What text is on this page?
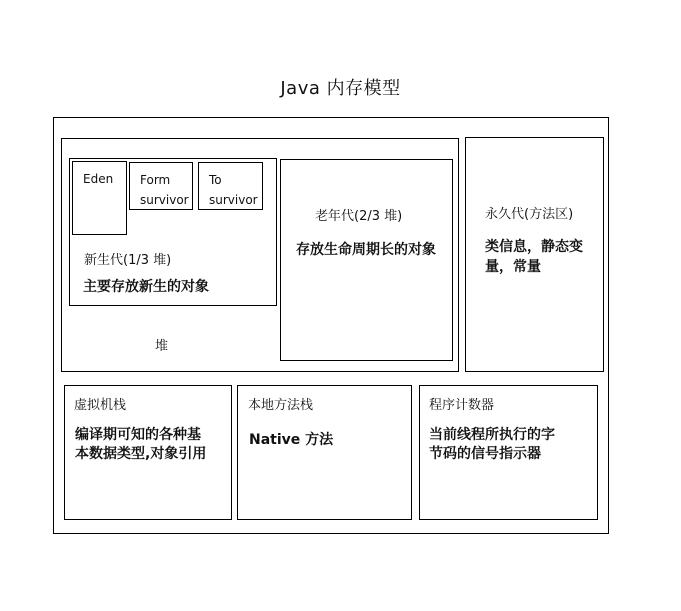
Java 内存模型
堆
Eden Form
survivor
To
survivor
新生代(1/3 堆)
主要存放新生的对象
老年代(2/3 堆)
存放生命周期长的对象
永久代(方法区)
类信息，静态变
量，常量
虚拟机栈
编译期可知的各种基
本数据类型,对象引用
本地方法栈
Native 方法
程序计数器
当前线程所执行的字
节码的信号指示器
